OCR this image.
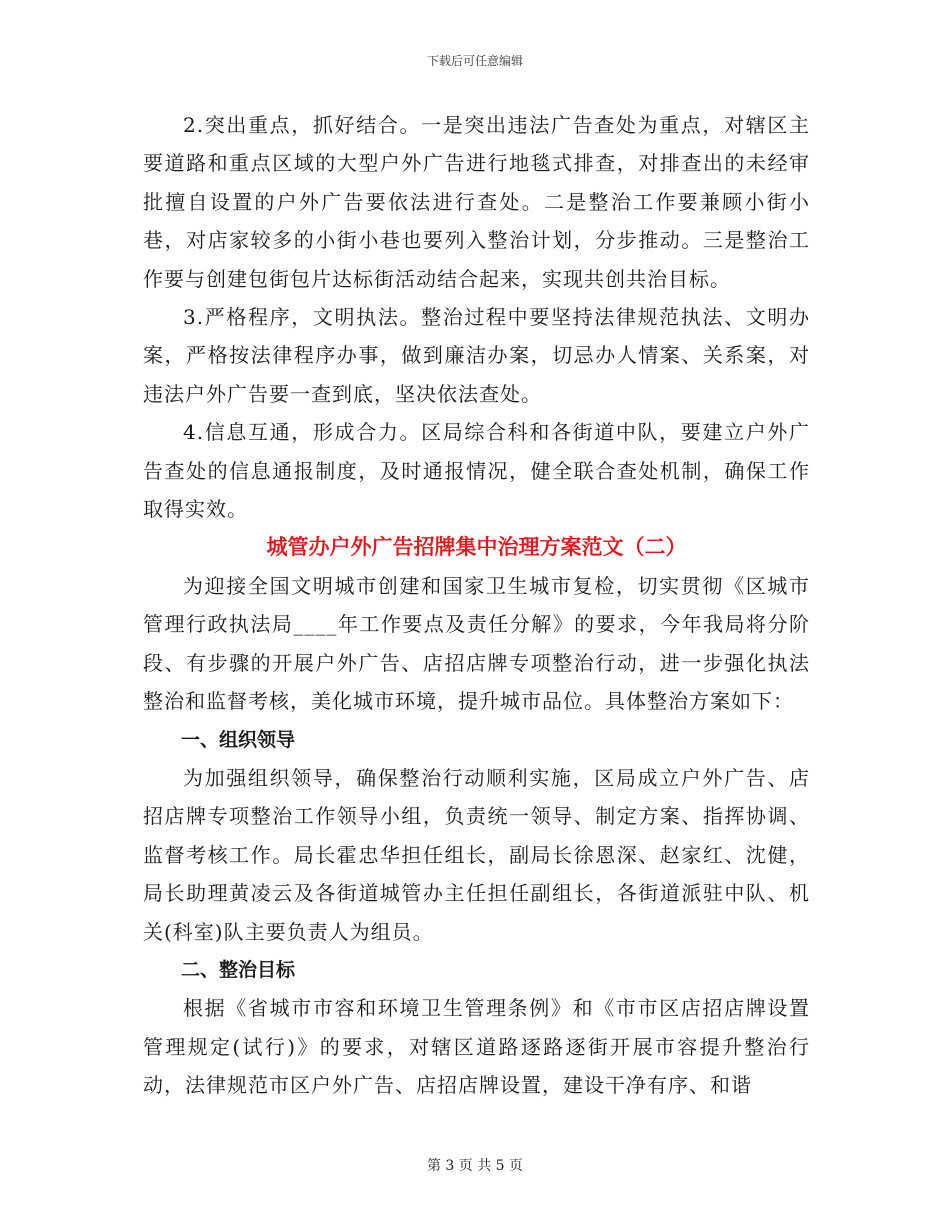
下载后可任意编辑

2.突出重点，抓好结合。一是突出违法广告查处为重点，对辖区主要道路和重点区域的大型户外广告进行地毯式排查，对排查出的未经审批擅自设置的户外广告要依法进行查处。二是整治工作要兼顾小街小巷，对店家较多的小街小巷也要列入整治计划，分步推动。三是整治工作要与创建包街包片达标街活动结合起来，实现共创共治目标。

3.严格程序，文明执法。整治过程中要坚持法律规范执法、文明办案，严格按法律程序办事，做到廉洁办案，切忌办人情案、关系案，对违法户外广告要一查到底，坚决依法查处。

4.信息互通，形成合力。区局综合科和各街道中队，要建立户外广告查处的信息通报制度，及时通报情况，健全联合查处机制，确保工作取得实效。

城管办户外广告招牌集中治理方案范文（二）

为迎接全国文明城市创建和国家卫生城市复检，切实贯彻《区城市管理行政执法局____年工作要点及责任分解》的要求，今年我局将分阶段、有步骤的开展户外广告、店招店牌专项整治行动，进一步强化执法整治和监督考核，美化城市环境，提升城市品位。具体整治方案如下：

一、组织领导

为加强组织领导，确保整治行动顺利实施，区局成立户外广告、店招店牌专项整治工作领导小组，负责统一领导、制定方案、指挥协调、监督考核工作。局长霍忠华担任组长，副局长徐恩深、赵家红、沈健，局长助理黄凌云及各街道城管办主任担任副组长，各街道派驻中队、机关(科室)队主要负责人为组员。

二、整治目标

根据《省城市市容和环境卫生管理条例》和《市市区店招店牌设置管理规定(试行)》的要求，对辖区道路逐路逐街开展市容提升整治行动，法律规范市区户外广告、店招店牌设置，建设干净有序、和谐

第 3 页 共 5 页
